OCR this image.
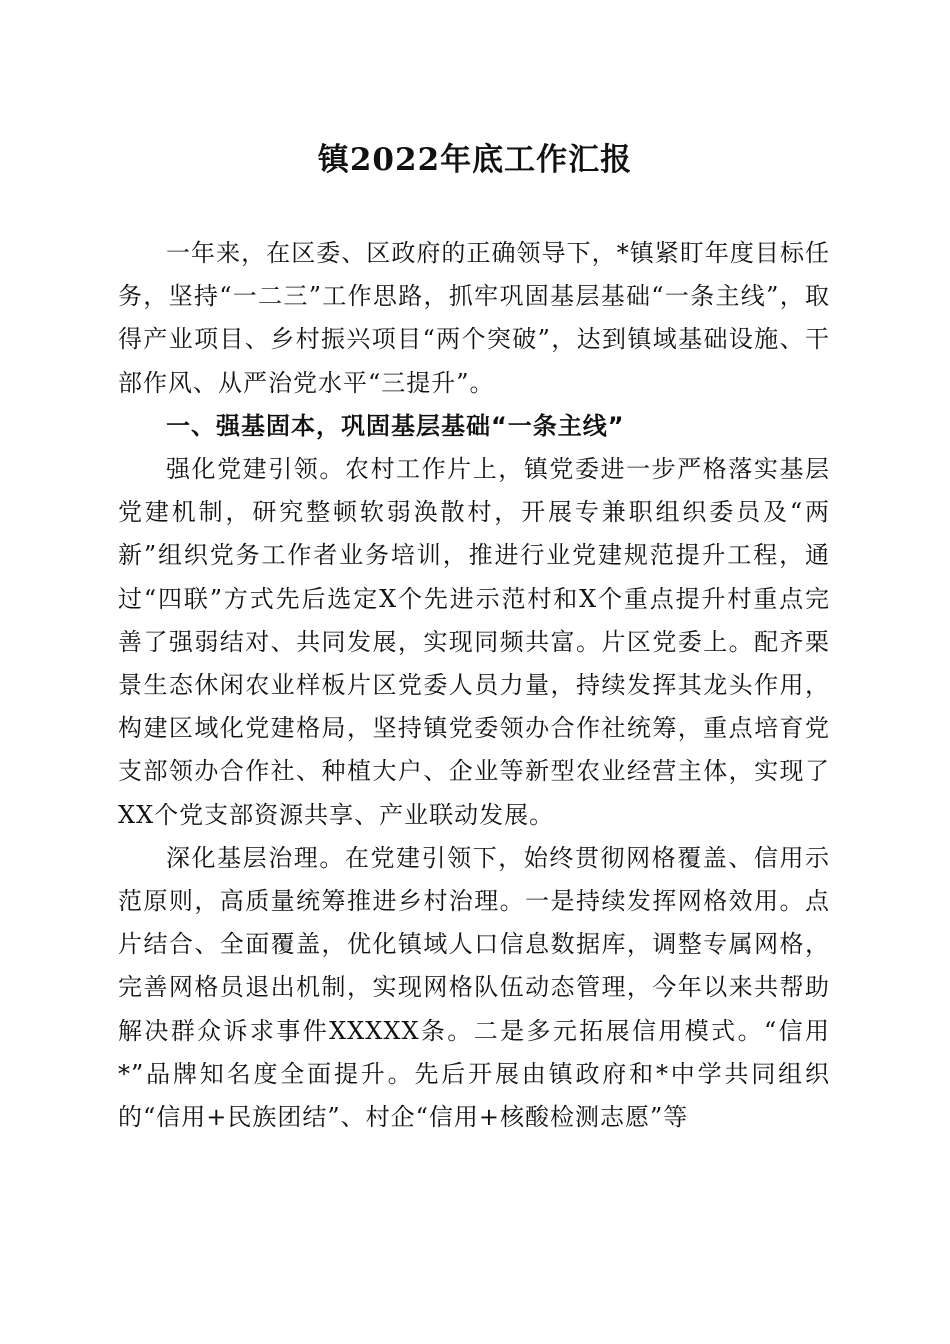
镇2022年底工作汇报

一年来，在区委、区政府的正确领导下，*镇紧盯年度目标任务，坚持“一二三”工作思路，抓牢巩固基层基础“一条主线”，取得产业项目、乡村振兴项目“两个突破”，达到镇域基础设施、干部作风、从严治党水平“三提升”。

一、强基固本，巩固基层基础“一条主线”

强化党建引领。农村工作片上，镇党委进一步严格落实基层党建机制，研究整顿软弱涣散村，开展专兼职组织委员及“两新”组织党务工作者业务培训，推进行业党建规范提升工程，通过“四联”方式先后选定X个先进示范村和X个重点提升村重点完善了强弱结对、共同发展，实现同频共富。片区党委上。配齐栗景生态休闲农业样板片区党委人员力量，持续发挥其龙头作用，构建区域化党建格局，坚持镇党委领办合作社统筹，重点培育党支部领办合作社、种植大户、企业等新型农业经营主体，实现了XX个党支部资源共享、产业联动发展。

深化基层治理。在党建引领下，始终贯彻网格覆盖、信用示范原则，高质量统筹推进乡村治理。一是持续发挥网格效用。点片结合、全面覆盖，优化镇域人口信息数据库，调整专属网格，完善网格员退出机制，实现网格队伍动态管理，今年以来共帮助解决群众诉求事件XXXXX条。二是多元拓展信用模式。“信用*”品牌知名度全面提升。先后开展由镇政府和*中学共同组织的“信用+民族团结”、村企“信用+核酸检测志愿”等
